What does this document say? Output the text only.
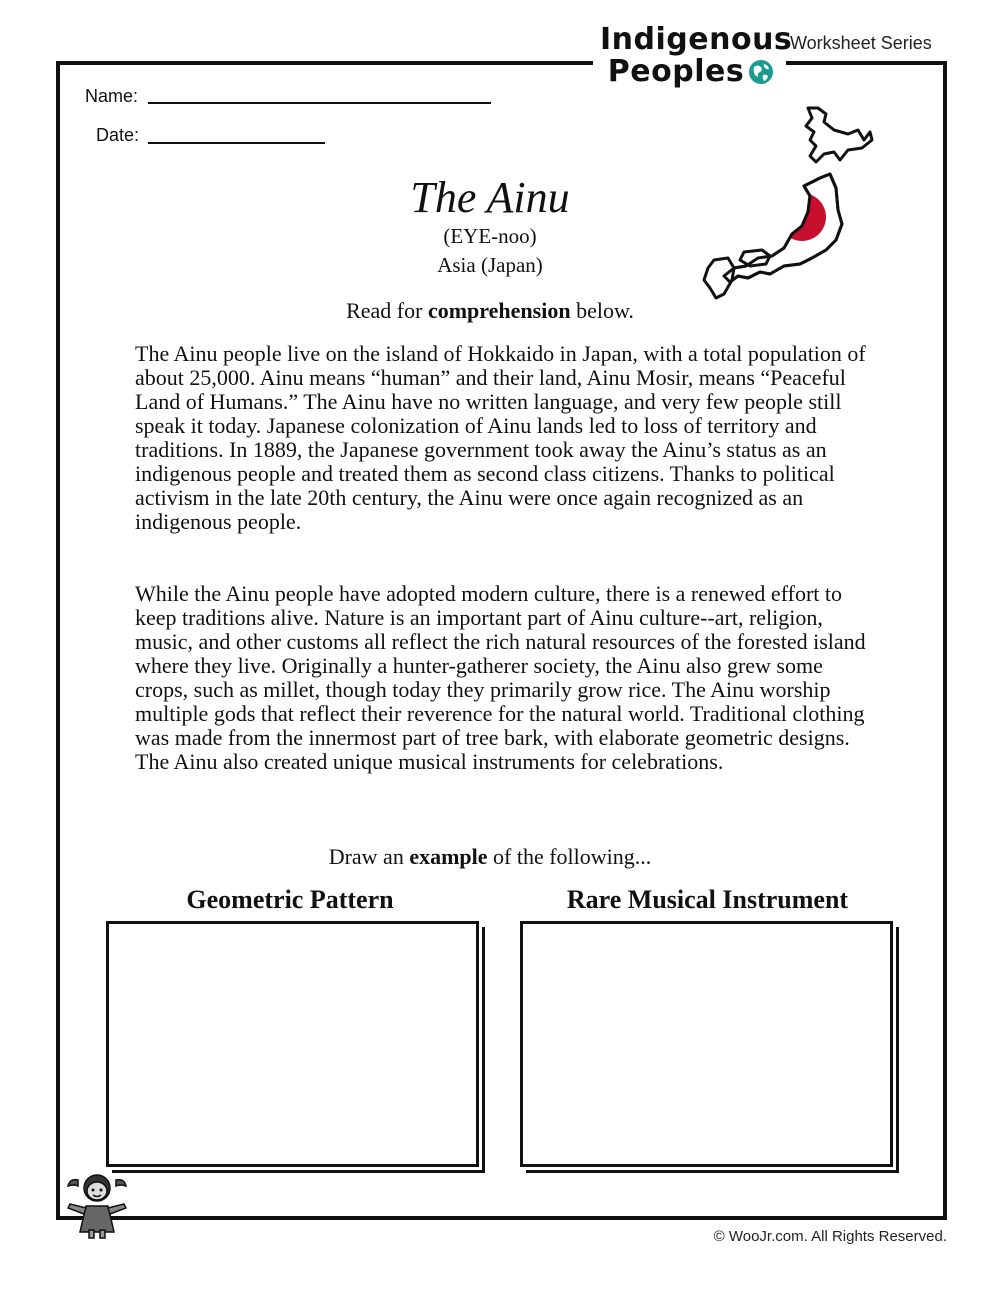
Indigenous
Peoples
Worksheet Series
Name:
Date:
The Ainu
(EYE-noo)
Asia (Japan)
Read for comprehension below.

The Ainu people live on the island of Hokkaido in Japan, with a total population of about 25,000. Ainu means “human” and their land, Ainu Mosir, means “Peaceful Land of Humans.” The Ainu have no written language, and very few people still speak it today. Japanese colonization of Ainu lands led to loss of territory and traditions. In 1889, the Japanese government took away the Ainu’s status as an indigenous people and treated them as second class citizens. Thanks to political activism in the late 20th century, the Ainu were once again recognized as an indigenous people.

While the Ainu people have adopted modern culture, there is a renewed effort to keep traditions alive. Nature is an important part of Ainu culture--art, religion, music, and other customs all reflect the rich natural resources of the forested island where they live. Originally a hunter-gatherer society, the Ainu also grew some crops, such as millet, though today they primarily grow rice. The Ainu worship multiple gods that reflect their reverence for the natural world. Traditional clothing was made from the innermost part of tree bark, with elaborate geometric designs. The Ainu also created unique musical instruments for celebrations.

Draw an example of the following...
Geometric Pattern	Rare Musical Instrument
© WooJr.com. All Rights Reserved.
